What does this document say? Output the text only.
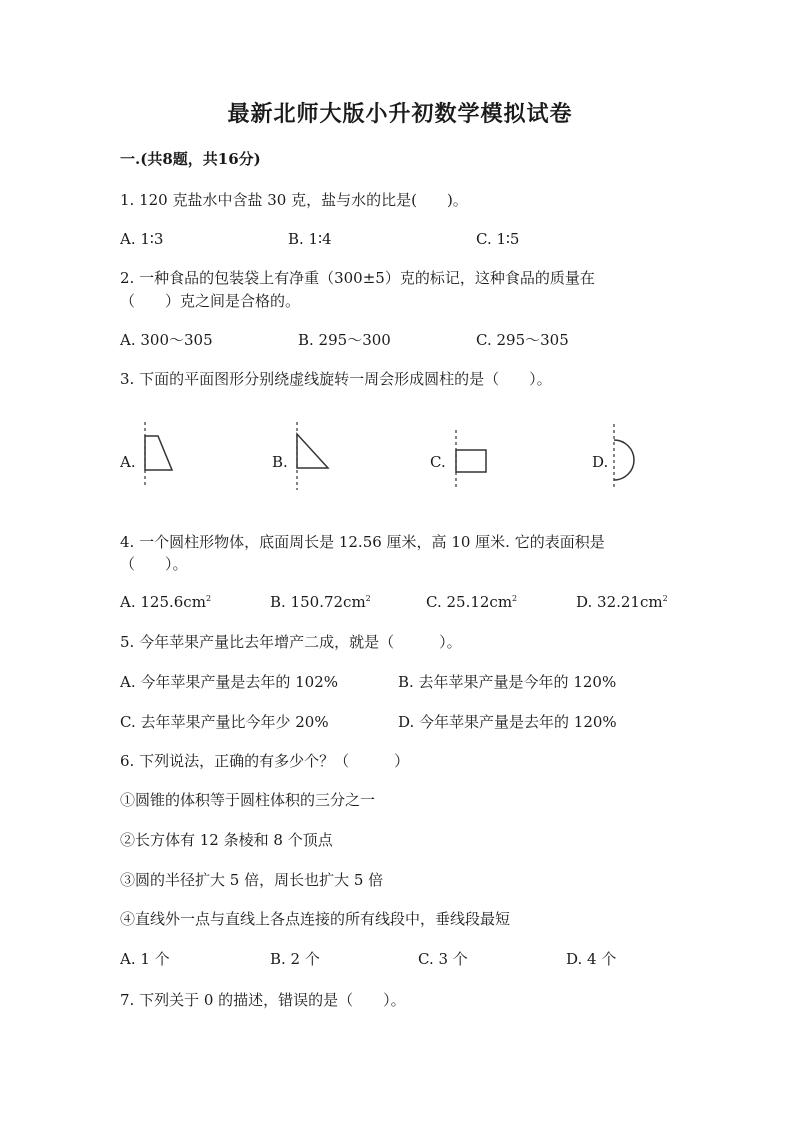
最新北师大版小升初数学模拟试卷
一.(共8题，共16分)
1. 120 克盐水中含盐 30 克，盐与水的比是(　　)。
A. 1∶3	B. 1∶4	C. 1∶5
2. 一种食品的包装袋上有净重（300±5）克的标记，这种食品的质量在
（　　）克之间是合格的。
A. 300～305	B. 295～300	C. 295～305
3. 下面的平面图形分别绕虚线旋转一周会形成圆柱的是（　　）。
A.	B.	C.	D.
4. 一个圆柱形物体，底面周长是 12.56 厘米，高 10 厘米. 它的表面积是
（　　）。
A. $125.6cm^2$	B. $150.72cm^2$	C. $25.12cm^2$	D. $32.21cm^2$
5. 今年苹果产量比去年增产二成，就是（　　　）。
A. 今年苹果产量是去年的 102%	B. 去年苹果产量是今年的 120%
C. 去年苹果产量比今年少 20%	D. 今年苹果产量是去年的 120%
6. 下列说法，正确的有多少个？（　　　）
①圆锥的体积等于圆柱体积的三分之一
②长方体有 12 条棱和 8 个顶点
③圆的半径扩大 5 倍，周长也扩大 5 倍
④直线外一点与直线上各点连接的所有线段中，垂线段最短
A. 1 个	B. 2 个	C. 3 个	D. 4 个
7. 下列关于 0 的描述，错误的是（　　）。
